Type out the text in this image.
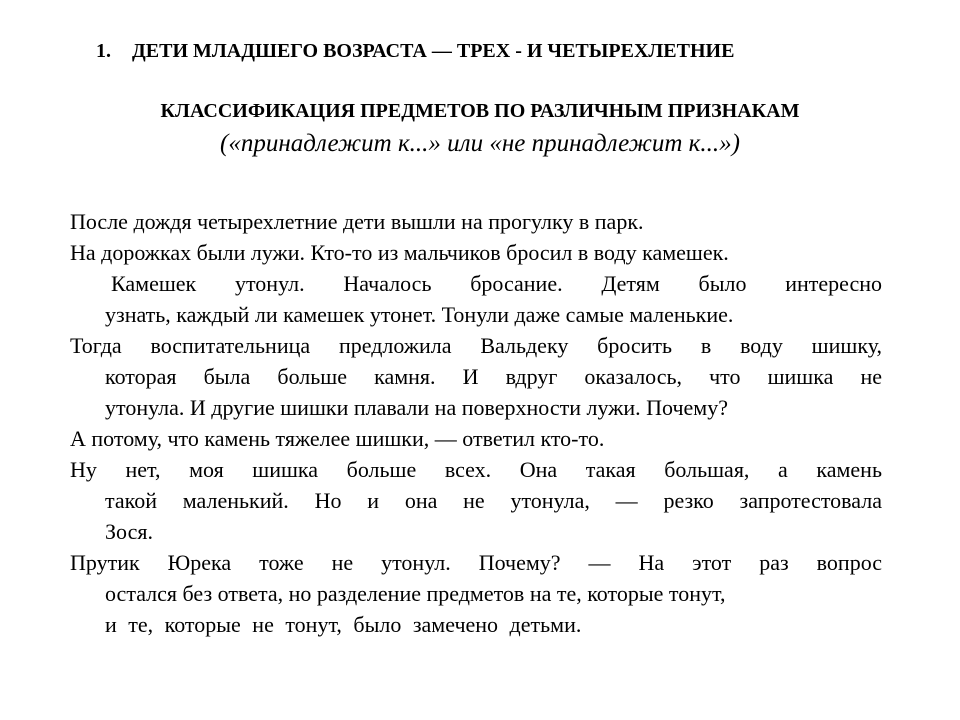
1. ДЕТИ МЛАДШЕГО ВОЗРАСТА — ТРЕХ - И ЧЕТЫРЕХЛЕТНИЕ
КЛАССИФИКАЦИЯ ПРЕДМЕТОВ ПО РАЗЛИЧНЫМ ПРИЗНАКАМ
(«принадлежит к...» или «не принадлежит к...»)
После дождя четырехлетние дети вышли на прогулку в парк.
На дорожках были лужи. Кто-то из мальчиков бросил в воду камешек.
Камешек утонул. Началось бросание. Детям было интересно
узнать, каждый ли камешек утонет. Тонули даже самые маленькие.
Тогда воспитательница предложила Вальдеку бросить в воду шишку,
которая была больше камня. И вдруг оказалось, что шишка не
утонула. И другие шишки плавали на поверхности лужи. Почему?
А потому, что камень тяжелее шишки, — ответил кто-то.
Ну нет, моя шишка больше всех. Она такая большая, а камень
такой маленький. Но и она не утонула, — резко запротестовала
Зося.
Прутик Юрека тоже не утонул. Почему? — На этот раз вопрос
остался без ответа, но разделение предметов на те, которые тонут,
и те, которые не тонут, было замечено детьми.
